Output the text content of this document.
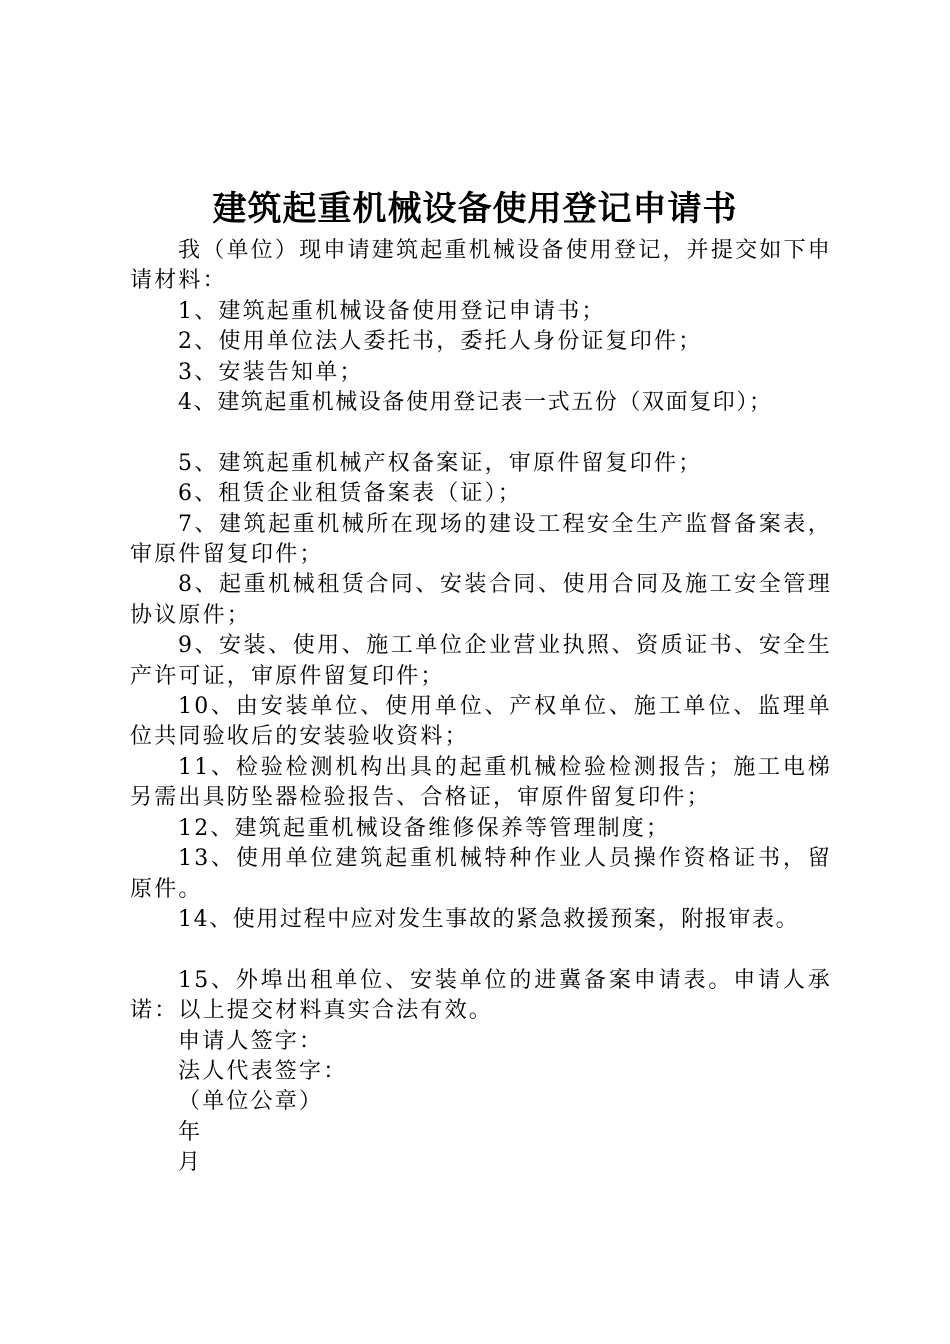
建筑起重机械设备使用登记申请书

我（单位）现申请建筑起重机械设备使用登记，并提交如下申请材料：

1、建筑起重机械设备使用登记申请书；

2、使用单位法人委托书，委托人身份证复印件；

3、安装告知单；

4、建筑起重机械设备使用登记表一式五份（双面复印）；

5、建筑起重机械产权备案证，审原件留复印件；

6、租赁企业租赁备案表（证）；

7、建筑起重机械所在现场的建设工程安全生产监督备案表，审原件留复印件；

8、起重机械租赁合同、安装合同、使用合同及施工安全管理协议原件；

9、安装、使用、施工单位企业营业执照、资质证书、安全生产许可证，审原件留复印件；

10、由安装单位、使用单位、产权单位、施工单位、监理单位共同验收后的安装验收资料；

11、检验检测机构出具的起重机械检验检测报告；施工电梯另需出具防坠器检验报告、合格证，审原件留复印件；

12、建筑起重机械设备维修保养等管理制度；

13、使用单位建筑起重机械特种作业人员操作资格证书，留原件。

14、使用过程中应对发生事故的紧急救援预案，附报审表。

15、外埠出租单位、安装单位的进冀备案申请表。申请人承诺：以上提交材料真实合法有效。

申请人签字：

法人代表签字：

（单位公章）

年

月
